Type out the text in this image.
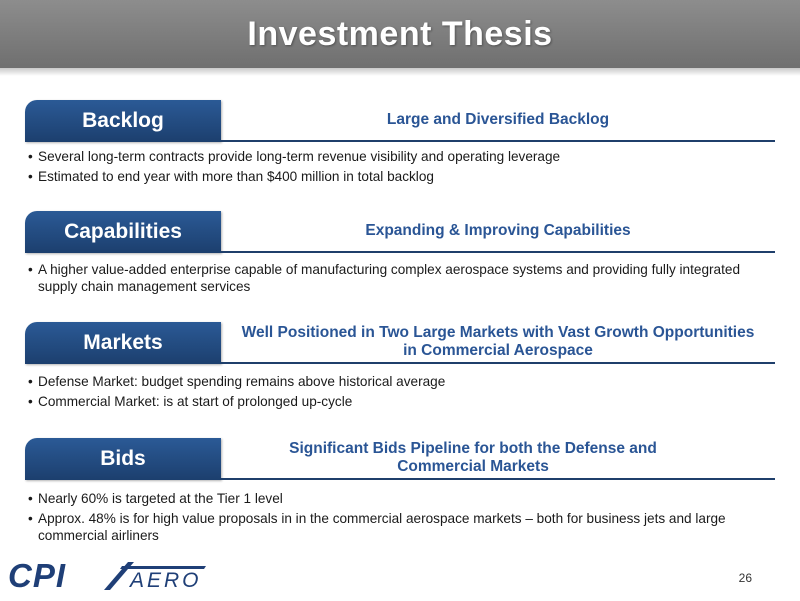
Investment Thesis
Backlog	Large and Diversified Backlog
• Several long-term contracts provide long-term revenue visibility and operating leverage
• Estimated to end year with more than $400 million in total backlog
Capabilities	Expanding & Improving Capabilities
• A higher value-added enterprise capable of manufacturing complex aerospace systems and providing fully integrated supply chain management services
Markets	Well Positioned in Two Large Markets with Vast Growth Opportunities in Commercial Aerospace
• Defense Market: budget spending remains above historical average
• Commercial Market: is at start of prolonged up-cycle
Bids	Significant Bids Pipeline for both the Defense and Commercial Markets
• Nearly 60% is targeted at the Tier 1 level
• Approx. 48% is for high value proposals in in the commercial aerospace markets – both for business jets and large commercial airliners
CPI	AERO	26
